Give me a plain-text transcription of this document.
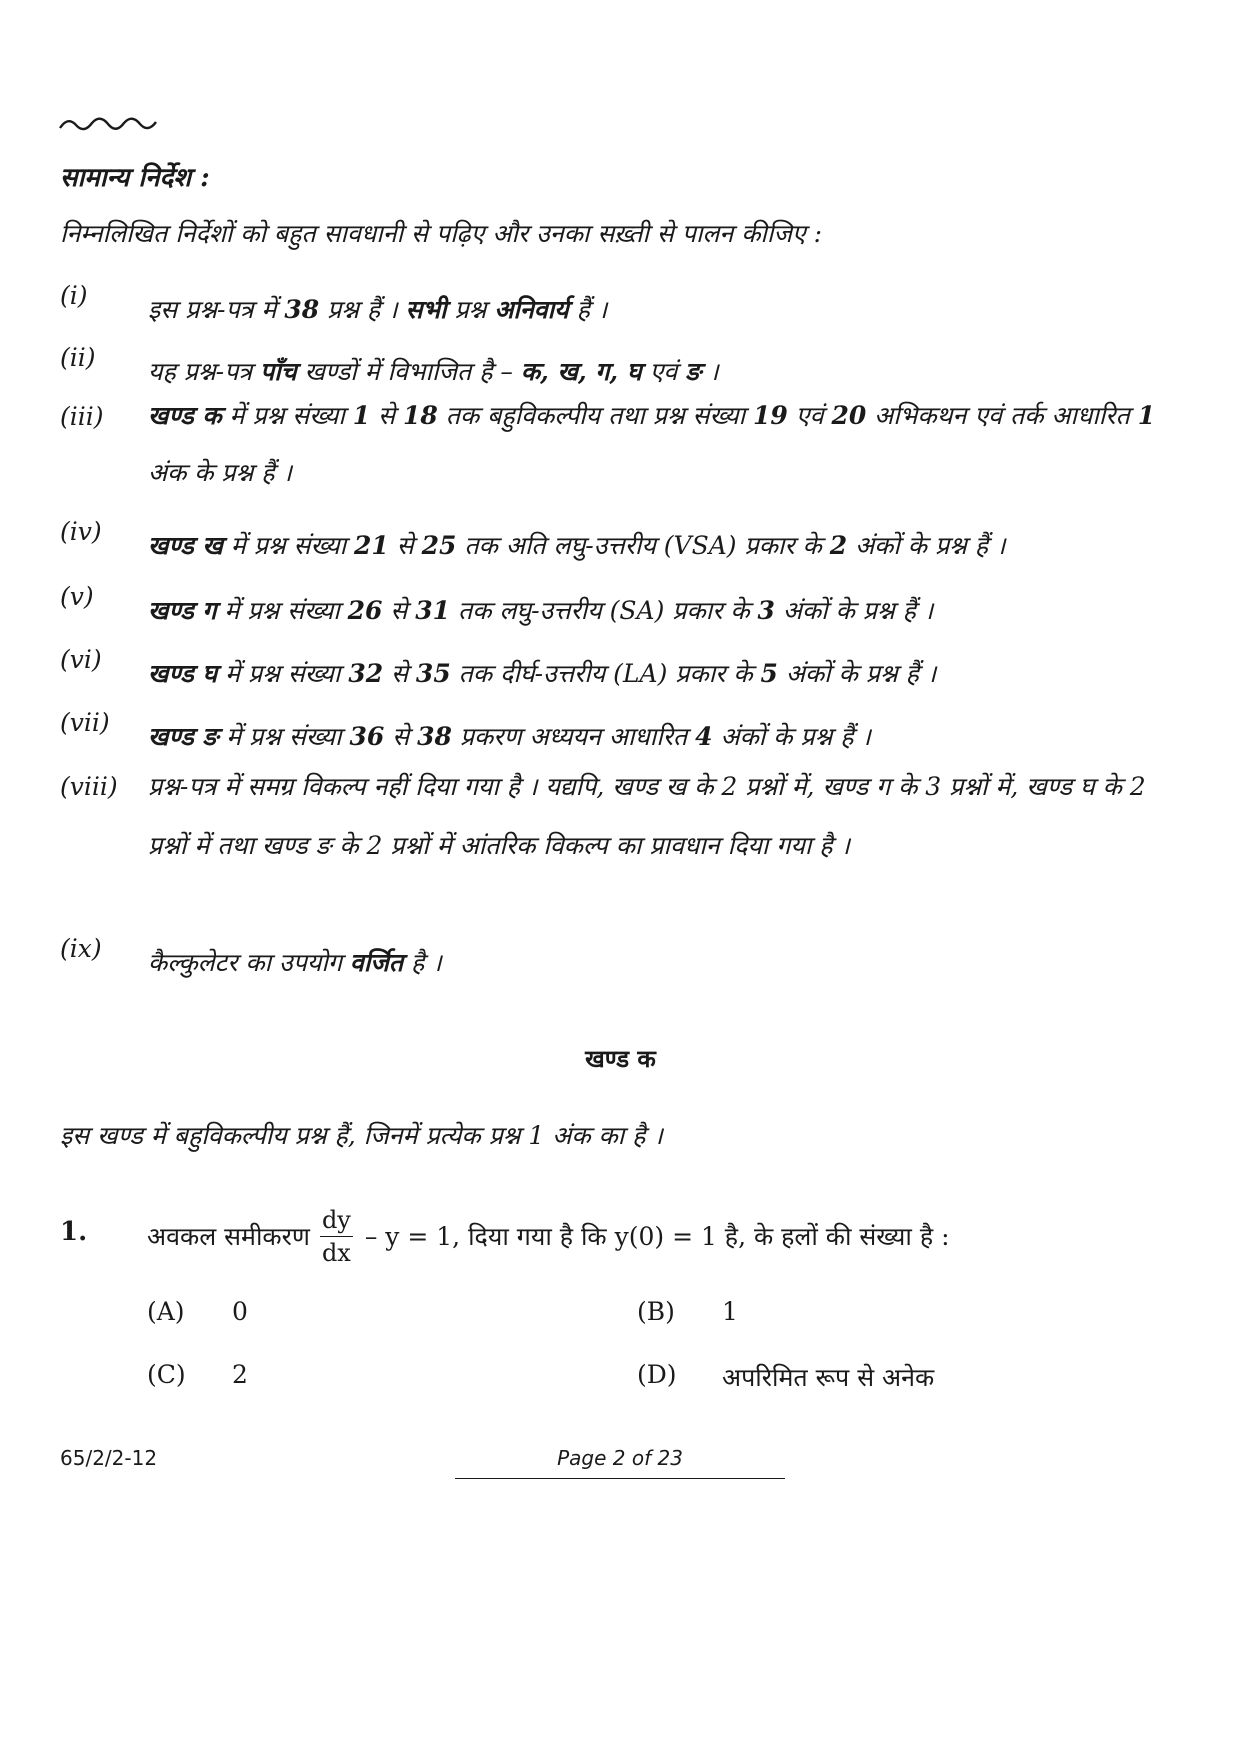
सामान्य निर्देश :
निम्नलिखित निर्देशों को बहुत सावधानी से पढ़िए और उनका सख़्ती से पालन कीजिए :
(i)	इस प्रश्न-पत्र में 38 प्रश्न हैं । सभी प्रश्न अनिवार्य हैं ।
(ii)	यह प्रश्न-पत्र पाँच खण्डों में विभाजित है – क, ख, ग, घ एवं ङ ।
(iii)	खण्ड क में प्रश्न संख्या 1 से 18 तक बहुविकल्पीय तथा प्रश्न संख्या 19 एवं 20 अभिकथन एवं तर्क आधारित 1 अंक के प्रश्न हैं ।
(iv)	खण्ड ख में प्रश्न संख्या 21 से 25 तक अति लघु-उत्तरीय (VSA) प्रकार के 2 अंकों के प्रश्न हैं ।
(v)	खण्ड ग में प्रश्न संख्या 26 से 31 तक लघु-उत्तरीय (SA) प्रकार के 3 अंकों के प्रश्न हैं ।
(vi)	खण्ड घ में प्रश्न संख्या 32 से 35 तक दीर्घ-उत्तरीय (LA) प्रकार के 5 अंकों के प्रश्न हैं ।
(vii)	खण्ड ङ में प्रश्न संख्या 36 से 38 प्रकरण अध्ययन आधारित 4 अंकों के प्रश्न हैं ।
(viii)	प्रश्न-पत्र में समग्र विकल्प नहीं दिया गया है । यद्यपि, खण्ड ख के 2 प्रश्नों में, खण्ड ग के 3 प्रश्नों में, खण्ड घ के 2 प्रश्नों में तथा खण्ड ङ के 2 प्रश्नों में आंतरिक विकल्प का प्रावधान दिया गया है ।
(ix)	कैल्कुलेटर का उपयोग वर्जित है ।
खण्ड क
इस खण्ड में बहुविकल्पीय प्रश्न हैं, जिनमें प्रत्येक प्रश्न 1 अंक का है ।
1. अवकल समीकरण $\frac{dy}{dx} - y = 1$, दिया गया है कि y(0) = 1 है, के हलों की संख्या है :
(A) 0	(B) 1
(C) 2	(D) अपरिमित रूप से अनेक
65/2/2-12	Page 2 of 23
